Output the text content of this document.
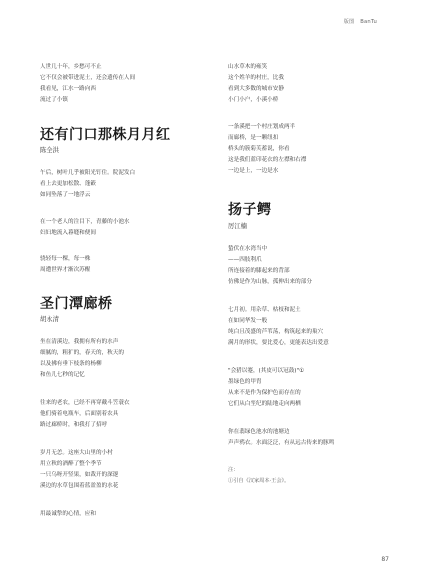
版图 BanTu
人世几十年，乡愁可不止
它不仅会被带进泥土，还会遗传在人间
我看见，江水一路向西
流过了小镇
还有门口那株月月红
陈全洪
午后，树叶几乎被阳光钉住。院泥发白
看上去更加松散、蓬簌
如同坠落了一地浮云
在一个老人的注目下，青藤的小池水
妇妇地流入暮缝和便间
骁轻每一棵，每一株
周遭世界才渐次苏醒
圣门潭廊桥
胡永清
坐在清溪边，我拥有所有的水声
细腻的，粗犷的，春天的，秋天的
以及拂有垂下枝条的杨柳
和鱼儿七秒的记忆
往来的老农，已经不再穿戴斗笠蓑衣
他们骑着电瓶车，后面别着农具
路过廊桥时，和我打了招呼
岁月无恙。这座大山里的小村
用立秋的酒醉了整个季节
一只乌呀开竖果，如裁开的深邃
溪边的水草包围着蓝盈盈的水花
用最诚挚的心情，应和
山水草木的雍笑
这个姓羊的村庄，比我
看到大多数的城市安静
小门小户，小溪小桥
一条溪把一个村庄划成两半
而廊桥，是一颗纽扣
桥头的簇菊芙蓄说，你看
这是我们蓝印花衣的左襟和右襟
一边是上，一边是水
扬子鳄
厉江楠
蛰伏在水湾当中
——四肢利爪
所连接着的膝起来的背部
仿佛是作为山脉，孤伸出来的部分
七月初。用杂草、枯枝和泥土
在如同华发一般
纯白且茂盛的芦苇荡，构筑起来的巢穴
满月的形状，要比爱心，更能表达出爱意
"会猎以蹇，(其皮可以冠鼓)"①
墨绿色的甲胄
从来不是作为保护色而存在的
它们从白垩纪的陆地走向两栖
你在翡绿色池水的池塘边
声声鸦衣。水面泛泛，有从远古传来的豚鸣
注：
①引自《汉家周本·王会》。
87
